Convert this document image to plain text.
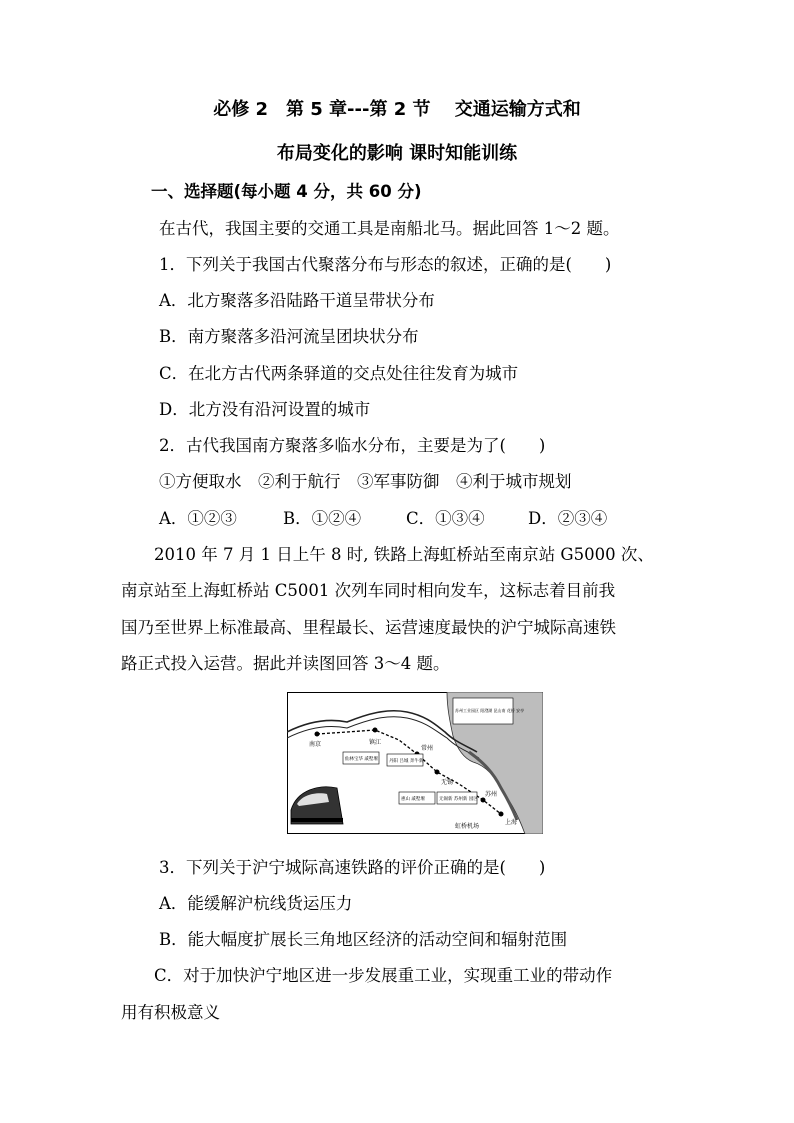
必修 2　第 5 章---第 2 节　 交通运输方式和
布局变化的影响 课时知能训练
一、选择题(每小题 4 分，共 60 分)
在古代，我国主要的交通工具是南船北马。据此回答 1～2 题。
1．下列关于我国古代聚落分布与形态的叙述，正确的是(　　)
A．北方聚落多沿陆路干道呈带状分布
B．南方聚落多沿河流呈团块状分布
C．在北方古代两条驿道的交点处往往发育为城市
D．北方没有沿河设置的城市
2．古代我国南方聚落多临水分布，主要是为了(　　)
①方便取水　②利于航行　③军事防御　④利于城市规划
A．①②③	B．①②④	C．①③④	D．②③④
　　2010 年 7 月 1 日上午 8 时, 铁路上海虹桥站至南京站 G5000 次、
南京站至上海虹桥站 C5001 次列车同时相向发车，这标志着目前我
国乃至世界上标准最高、里程最长、运营速度最快的沪宁城际高速铁
路正式投入运营。据此并读图回答 3～4 题。
南京	镇江
常州
无锡
苏州
上海
虹桥机场
仙林宝华 戚墅堰 丹阳 吕城 奔牛新
惠山 戚墅堰	无锡新 苏州新 园区
苏州工业园区 阳澄湖 昆山南 花桥 安亭
3．下列关于沪宁城际高速铁路的评价正确的是(　　)
A．能缓解沪杭线货运压力
B．能大幅度扩展长三角地区经济的活动空间和辐射范围
　　C．对于加快沪宁地区进一步发展重工业，实现重工业的带动作
用有积极意义
